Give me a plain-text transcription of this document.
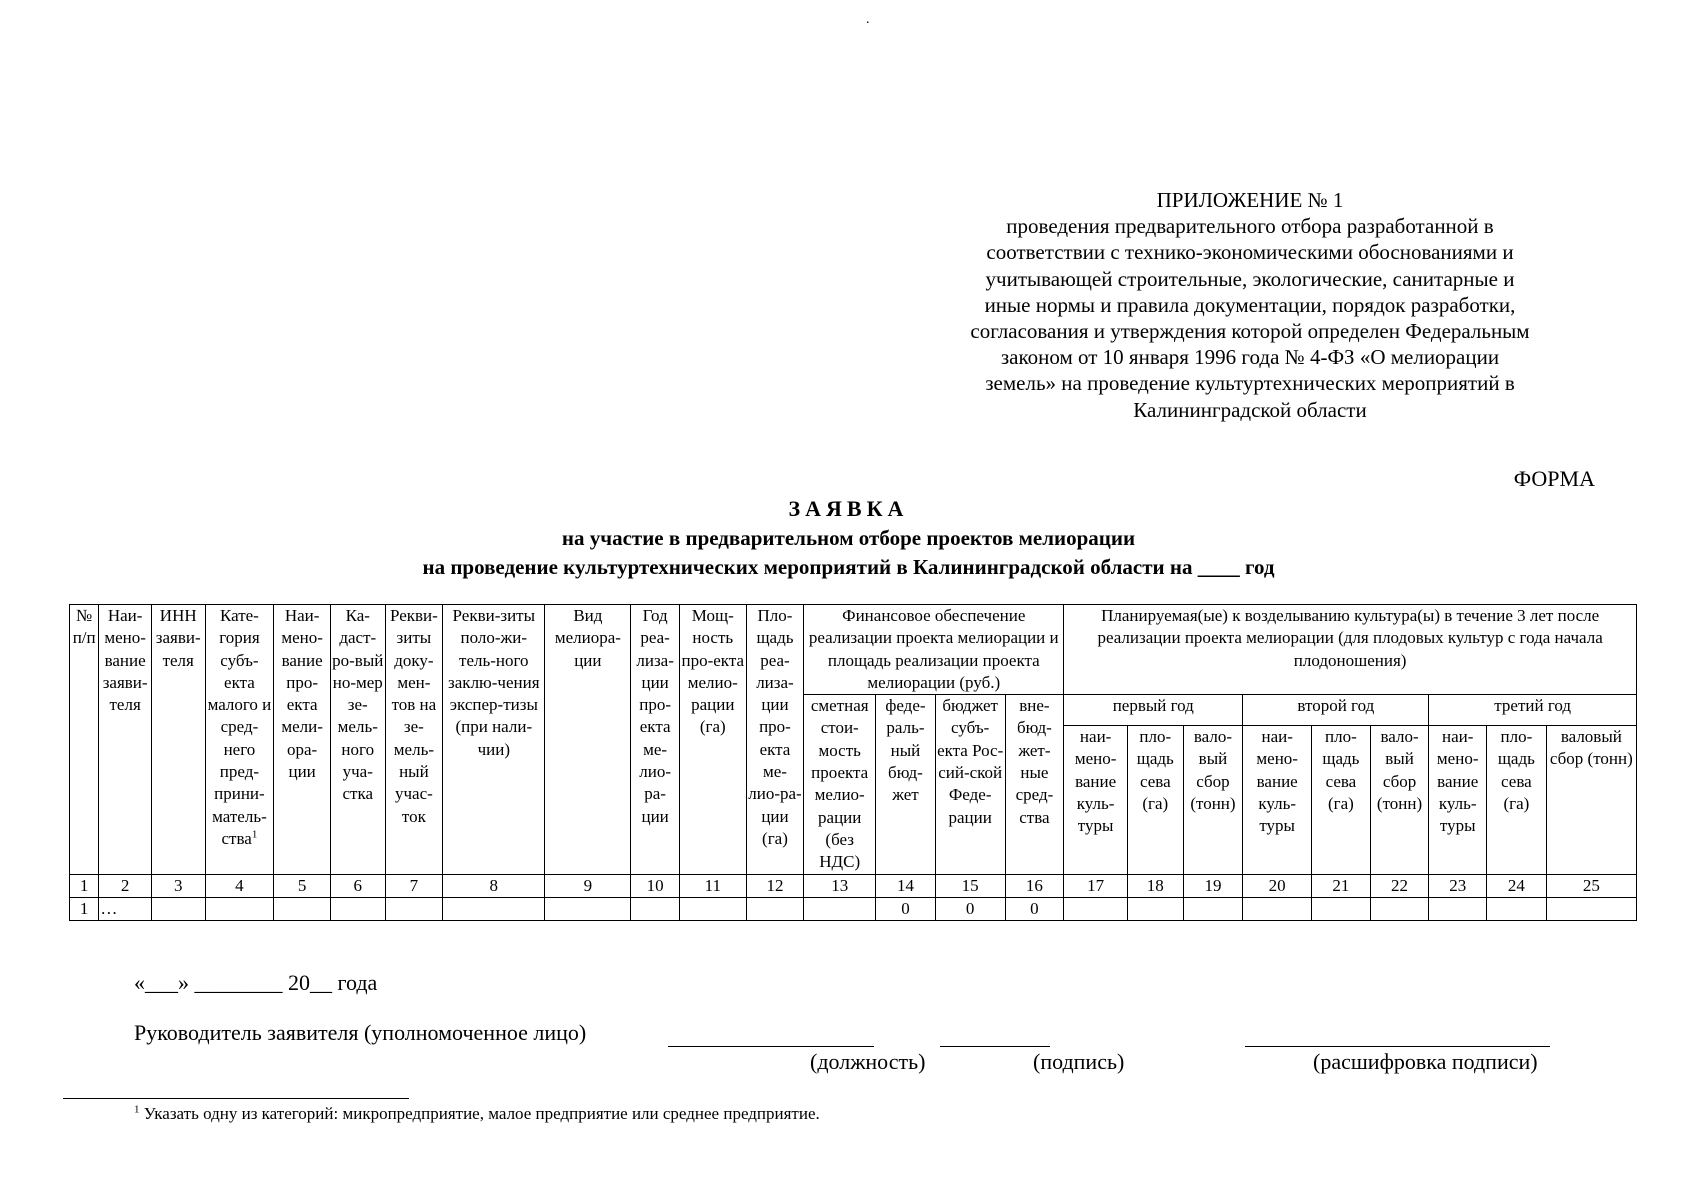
.
ПРИЛОЖЕНИЕ № 1
проведения предварительного отбора разработанной в
соответствии с технико-экономическими обоснованиями и
учитывающей строительные, экологические, санитарные и
иные нормы и правила документации, порядок разработки,
согласования и утверждения которой определен Федеральным
законом от 10 января 1996 года № 4-ФЗ «О мелиорации
земель» на проведение культуртехнических мероприятий в
Калининградской области
ФОРМА
ЗАЯВКА
на участие в предварительном отборе проектов мелиорации
на проведение культуртехнических мероприятий в Калининградской области на ____ год
№ п/п	Наи-мено-вание заяви-теля	ИНН заяви-теля	Кате-гория субъ-екта малого и сред-него пред-прини-матель-ства$^1$	Наи-мено-вание про-екта мели-ора-ции	Ка-даст-ро-вый но-мер зе-мель-ного уча-стка	Рекви-зиты доку-мен-тов на зе-мель-ный учас-ток	Рекви-зиты поло-жи-тель-ного заклю-чения экспер-тизы (при нали-чии)	Вид мелиора-ции	Год реа-лиза-ции про-екта ме-лио-ра-ции	Мощ-ность про-екта мелио-рации (га)	Пло-щадь реа-лиза-ции про-екта ме-лио-ра-ции (га)	Финансовое обеспечение реализации проекта мелиорации и площадь реализации проекта мелиорации (руб.)				Планируемая(ые) к возделыванию культура(ы) в течение 3 лет после реализации проекта мелиорации (для плодовых культур с года начала плодоношения)								
												сметная стои-мость проекта мелио-рации (без НДС)	феде-раль-ный бюд-жет	бюджет субъ-екта Рос-сий-ской Феде-рации	вне-бюд-жет-ные сред-ства	первый год			второй год			третий год		
																наи-мено-вание куль-туры	пло-щадь сева (га)	вало-вый сбор (тонн)	наи-мено-вание куль-туры	пло-щадь сева (га)	вало-вый сбор (тонн)	наи-мено-вание куль-туры	пло-щадь сева (га)	валовый сбор (тонн)
1	2	3	4	5	6	7	8	9	10	11	12	13	14	15	16	17	18	19	20	21	22	23	24	25
1	…												0	0	0									
«___» ________ 20__ года
Руководитель заявителя (уполномоченное лицо)
(должность)	(подпись)	(расшифровка подписи)
$^1$ Указать одну из категорий: микропредприятие, малое предприятие или среднее предприятие.
